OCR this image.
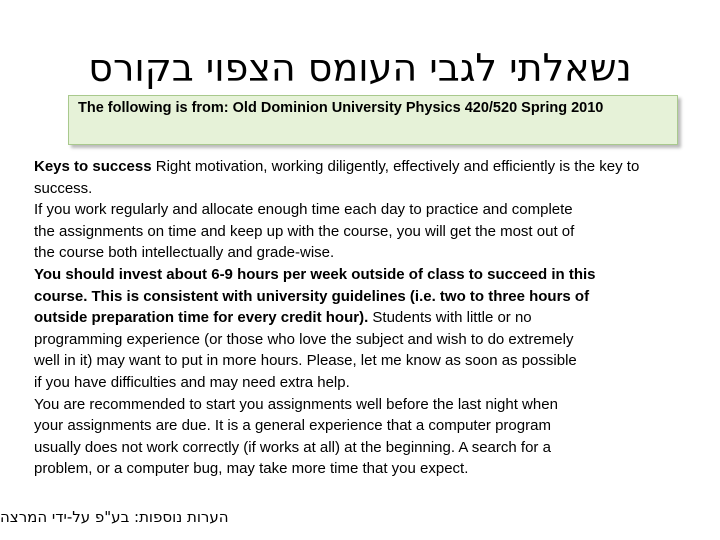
נשאלתי לגבי העומס הצפוי בקורס
The following is from: Old Dominion University Physics 420/520 Spring 2010
Keys to success Right motivation, working diligently, effectively and efficiently is the key to
success.
If you work regularly and allocate enough time each day to practice and complete
the assignments on time and keep up with the course, you will get the most out of
the course both intellectually and grade-wise.
You should invest about 6-9 hours per week outside of class to succeed in this
course. This is consistent with university guidelines (i.e. two to three hours of
outside preparation time for every credit hour). Students with little or no
programming experience (or those who love the subject and wish to do extremely
well in it) may want to put in more hours. Please, let me know as soon as possible
if you have difficulties and may need extra help.
You are recommended to start you assignments well before the last night when
your assignments are due. It is a general experience that a computer program
usually does not work correctly (if works at all) at the beginning. A search for a
problem, or a computer bug, may take more time that you expect.
הערות נוספות: בע"פ על-ידי המרצה
